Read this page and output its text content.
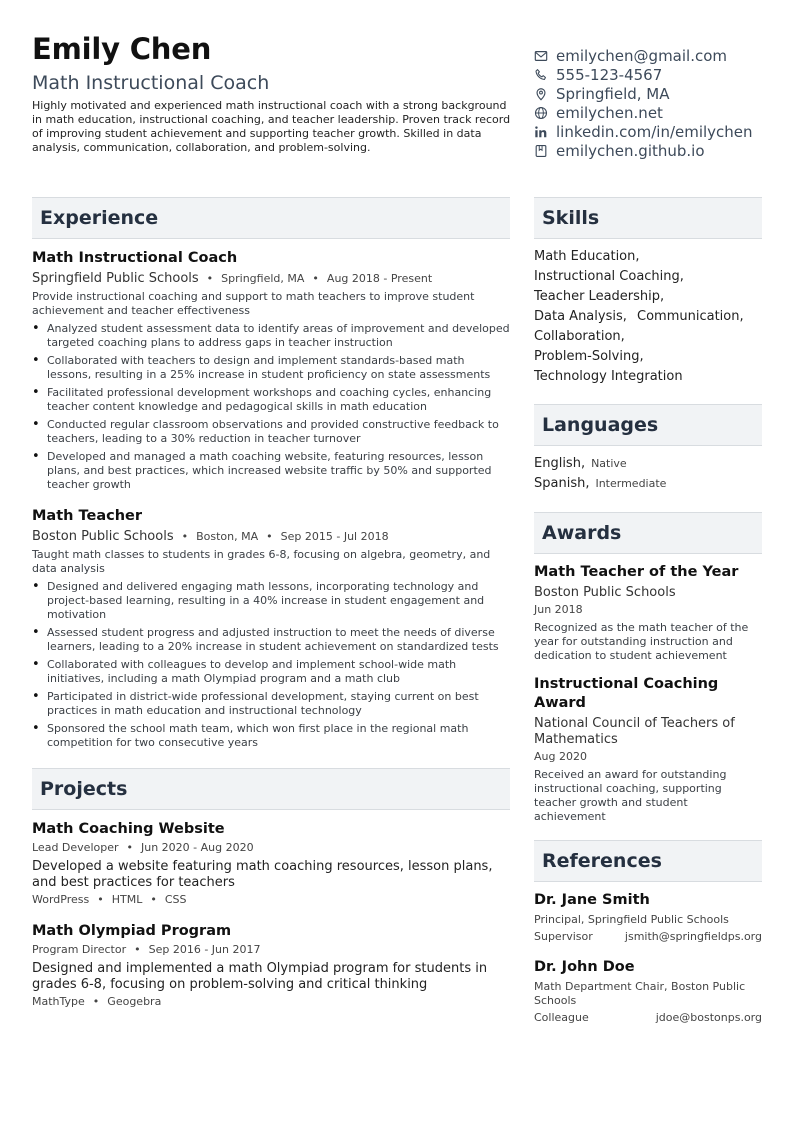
Emily Chen
Math Instructional Coach
Highly motivated and experienced math instructional coach with a strong background in math education, instructional coaching, and teacher leadership. Proven track record of improving student achievement and supporting teacher growth. Skilled in data analysis, communication, collaboration, and problem-solving.
emilychen@gmail.com
555-123-4567
Springfield, MA
emilychen.net
linkedin.com/in/emilychen
emilychen.github.io
Experience
Math Instructional Coach
Springfield Public Schools • Springfield, MA • Aug 2018 - Present
Provide instructional coaching and support to math teachers to improve student achievement and teacher effectiveness
• Analyzed student assessment data to identify areas of improvement and developed targeted coaching plans to address gaps in teacher instruction
• Collaborated with teachers to design and implement standards-based math lessons, resulting in a 25% increase in student proficiency on state assessments
• Facilitated professional development workshops and coaching cycles, enhancing teacher content knowledge and pedagogical skills in math education
• Conducted regular classroom observations and provided constructive feedback to teachers, leading to a 30% reduction in teacher turnover
• Developed and managed a math coaching website, featuring resources, lesson plans, and best practices, which increased website traffic by 50% and supported teacher growth
Math Teacher
Boston Public Schools • Boston, MA • Sep 2015 - Jul 2018
Taught math classes to students in grades 6-8, focusing on algebra, geometry, and data analysis
• Designed and delivered engaging math lessons, incorporating technology and project-based learning, resulting in a 40% increase in student engagement and motivation
• Assessed student progress and adjusted instruction to meet the needs of diverse learners, leading to a 20% increase in student achievement on standardized tests
• Collaborated with colleagues to develop and implement school-wide math initiatives, including a math Olympiad program and a math club
• Participated in district-wide professional development, staying current on best practices in math education and instructional technology
• Sponsored the school math team, which won first place in the regional math competition for two consecutive years
Projects
Math Coaching Website
Lead Developer • Jun 2020 - Aug 2020
Developed a website featuring math coaching resources, lesson plans, and best practices for teachers
WordPress • HTML • CSS
Math Olympiad Program
Program Director • Sep 2016 - Jun 2017
Designed and implemented a math Olympiad program for students in grades 6-8, focusing on problem-solving and critical thinking
MathType • Geogebra
Skills
Math Education,
Instructional Coaching,
Teacher Leadership,
Data Analysis, Communication,
Collaboration,
Problem-Solving,
Technology Integration
Languages
English, Native
Spanish, Intermediate
Awards
Math Teacher of the Year
Boston Public Schools
Jun 2018
Recognized as the math teacher of the year for outstanding instruction and dedication to student achievement
Instructional Coaching Award
National Council of Teachers of Mathematics
Aug 2020
Received an award for outstanding instructional coaching, supporting teacher growth and student achievement
References
Dr. Jane Smith
Principal, Springfield Public Schools
Supervisor	jsmith@springfieldps.org
Dr. John Doe
Math Department Chair, Boston Public Schools
Colleague	jdoe@bostonps.org
